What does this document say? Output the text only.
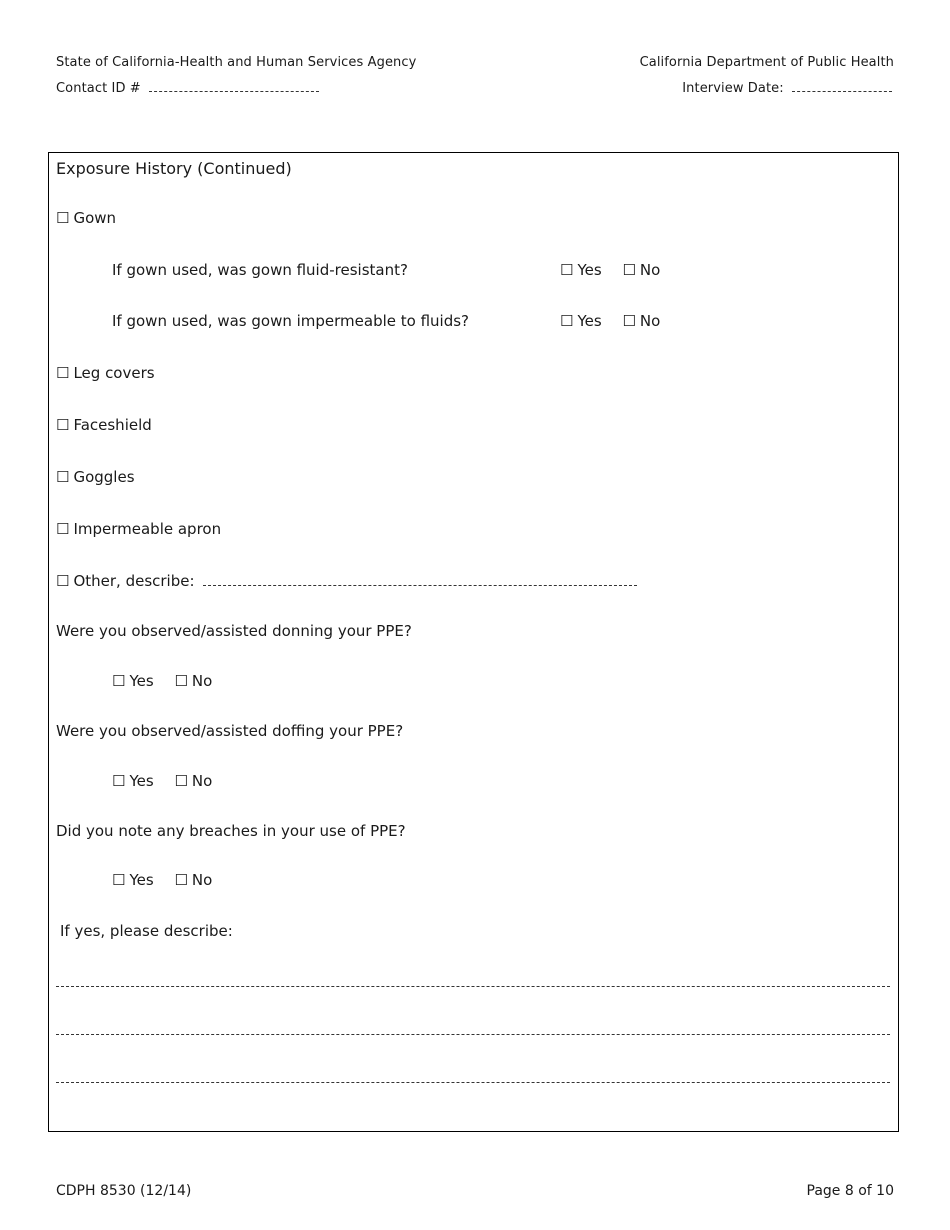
State of California-Health and Human Services Agency	California Department of Public Health
Contact ID #	Interview Date:
Exposure History (Continued)
☐ Gown
If gown used, was gown fluid-resistant?	☐ Yes ☐ No
If gown used, was gown impermeable to fluids?	☐ Yes ☐ No
☐ Leg covers
☐ Faceshield
☐ Goggles
☐ Impermeable apron
☐ Other, describe:
Were you observed/assisted donning your PPE?
☐ Yes ☐ No
Were you observed/assisted doffing your PPE?
☐ Yes ☐ No
Did you note any breaches in your use of PPE?
☐ Yes ☐ No
If yes, please describe:
CDPH 8530 (12/14)	Page 8 of 10
